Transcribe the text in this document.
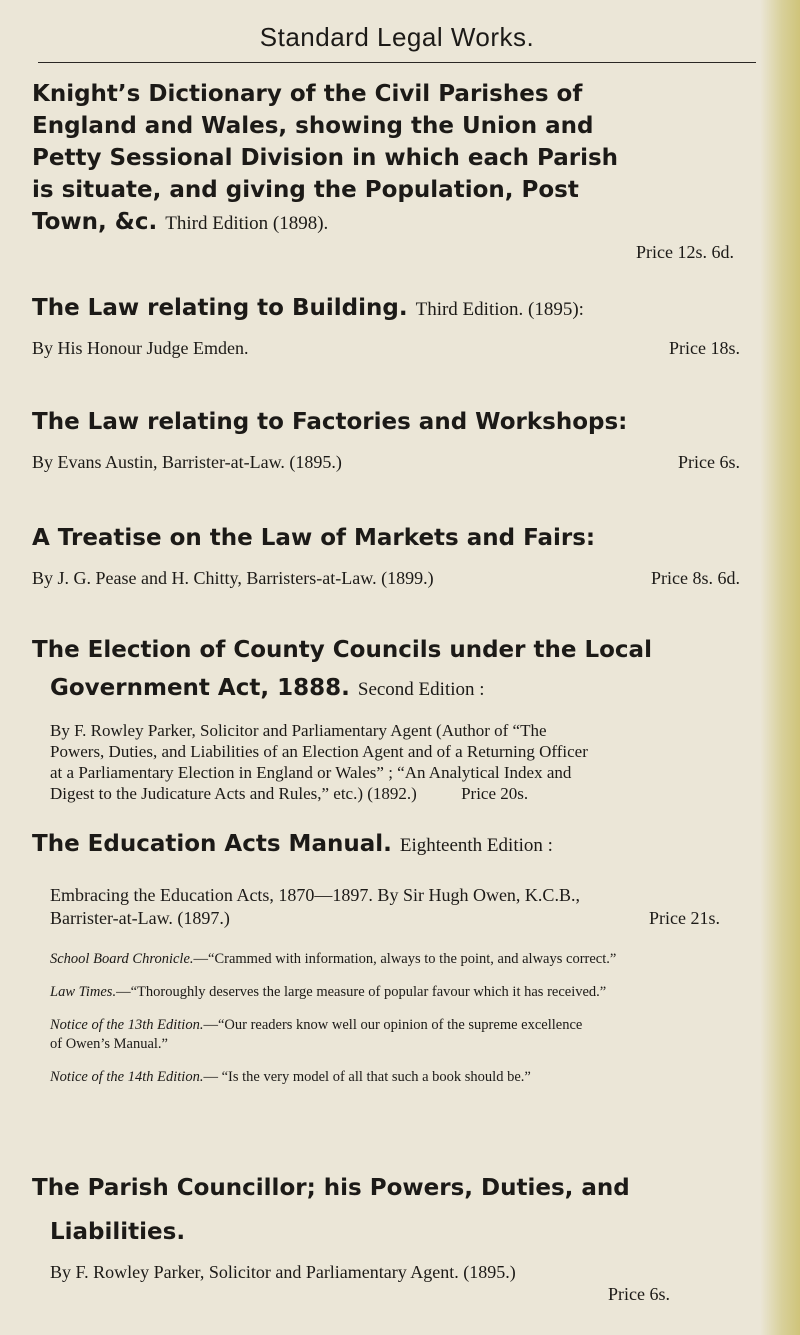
Standard Legal Works.
Knight’s Dictionary of the Civil Parishes of
England and Wales, showing the Union and
Petty Sessional Division in which each Parish
is situate, and giving the Population, Post
Town, &c. Third Edition (1898).
Price 12s. 6d.
The Law relating to Building. Third Edition. (1895):
By His Honour Judge Emden.	Price 18s.
The Law relating to Factories and Workshops:
By Evans Austin, Barrister-at-Law. (1895.)	Price 6s.
A Treatise on the Law of Markets and Fairs:
By J. G. Pease and H. Chitty, Barristers-at-Law. (1899.)	Price 8s. 6d.
The Election of County Councils under the Local
Government Act, 1888. Second Edition :
By F. Rowley Parker, Solicitor and Parliamentary Agent (Author of “The
Powers, Duties, and Liabilities of an Election Agent and of a Returning Officer
at a Parliamentary Election in England or Wales” ; “An Analytical Index and
Digest to the Judicature Acts and Rules,” etc.) (1892.)	Price 20s.
The Education Acts Manual. Eighteenth Edition :
Embracing the Education Acts, 1870—1897. By Sir Hugh Owen, K.C.B.,
Barrister-at-Law. (1897.)	Price 21s.
School Board Chronicle.—“Crammed with information, always to the point, and always correct.”
Law Times.—“Thoroughly deserves the large measure of popular favour which it has received.”
Notice of the 13th Edition.—“Our readers know well our opinion of the supreme excellence
of Owen’s Manual.”
Notice of the 14th Edition.— “Is the very model of all that such a book should be.”
The Parish Councillor; his Powers, Duties, and
Liabilities.
By F. Rowley Parker, Solicitor and Parliamentary Agent. (1895.)
Price 6s.
